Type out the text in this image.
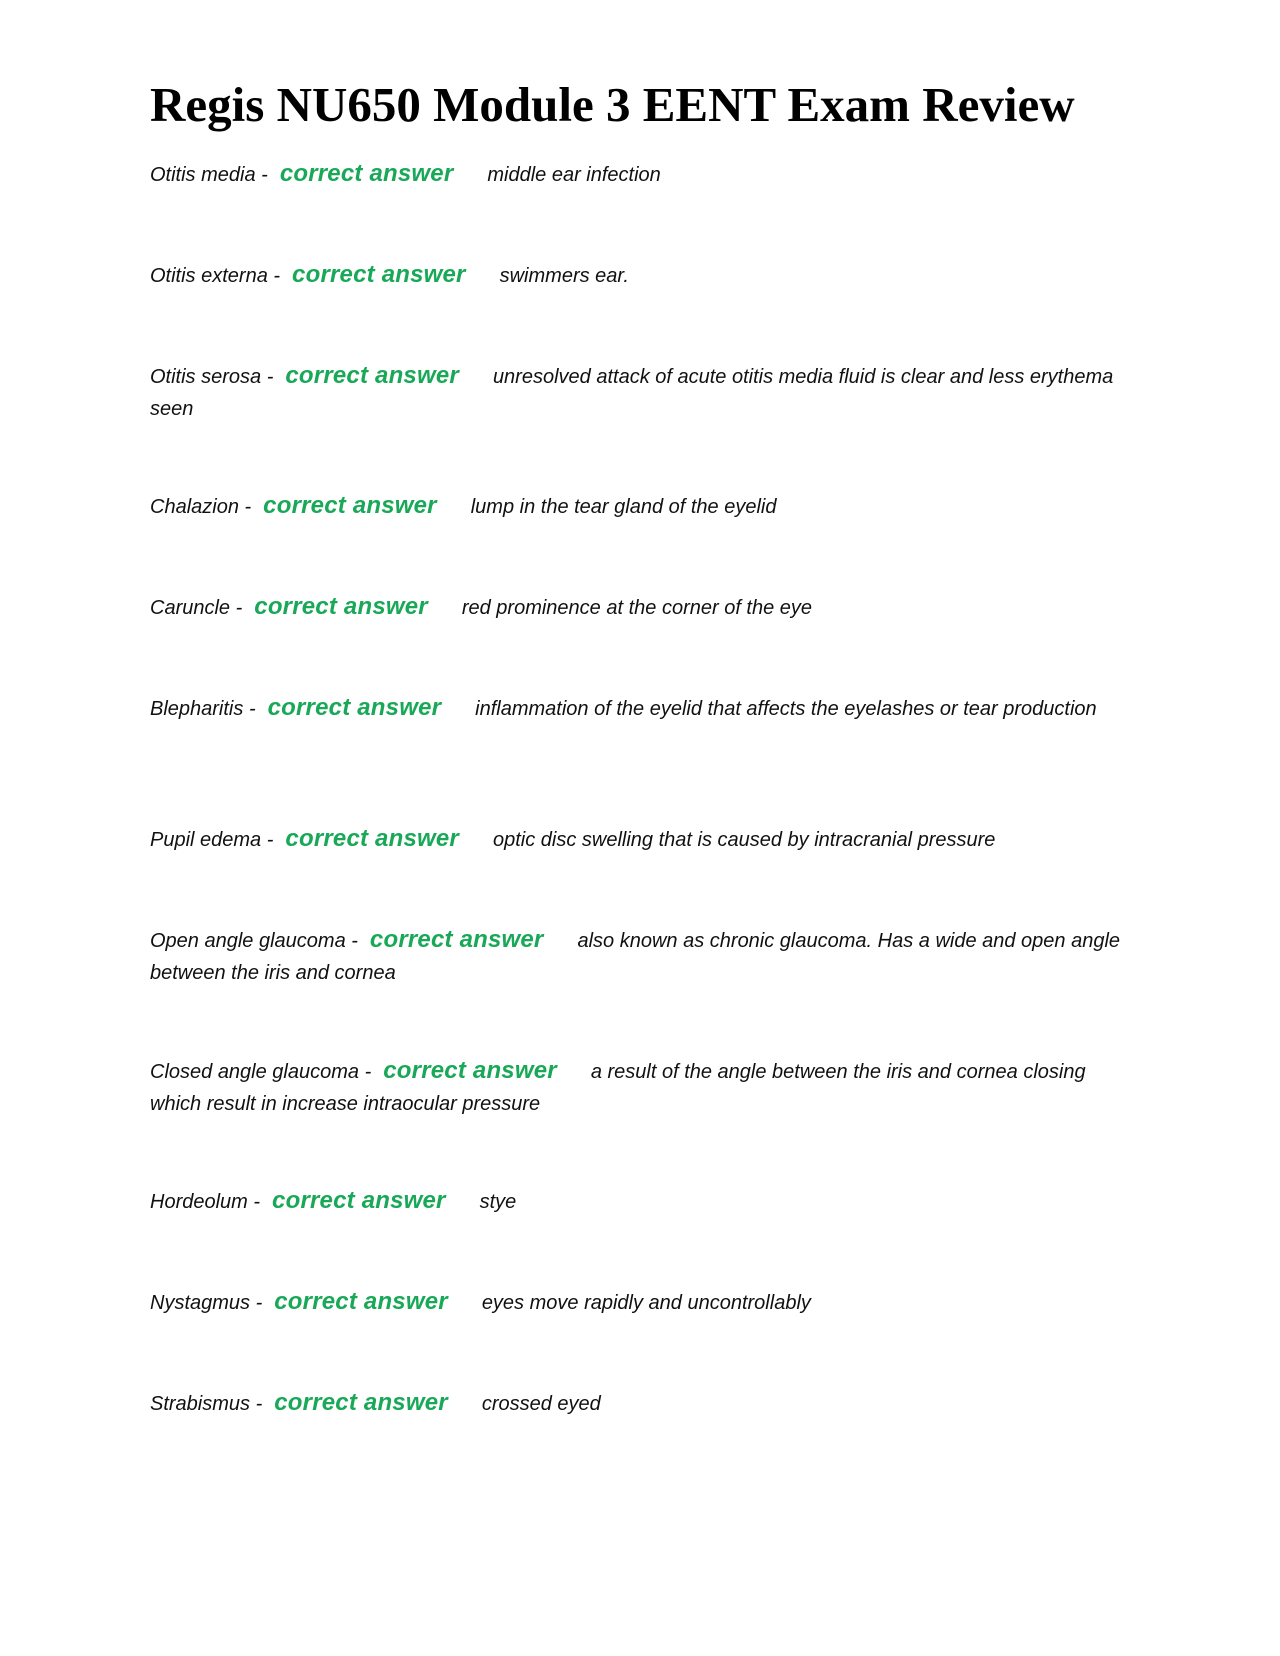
Regis NU650 Module 3 EENT Exam Review

Otitis media - correct answer middle ear infection

Otitis externa - correct answer swimmers ear.

Otitis serosa - correct answer unresolved attack of acute otitis media fluid is clear and less erythema seen

Chalazion - correct answer lump in the tear gland of the eyelid

Caruncle - correct answer red prominence at the corner of the eye

Blepharitis - correct answer inflammation of the eyelid that affects the eyelashes or tear production

Pupil edema - correct answer optic disc swelling that is caused by intracranial pressure

Open angle glaucoma - correct answer also known as chronic glaucoma. Has a wide and open angle between the iris and cornea

Closed angle glaucoma - correct answer a result of the angle between the iris and cornea closing which result in increase intraocular pressure

Hordeolum - correct answer stye

Nystagmus - correct answer eyes move rapidly and uncontrollably

Strabismus - correct answer crossed eyed
